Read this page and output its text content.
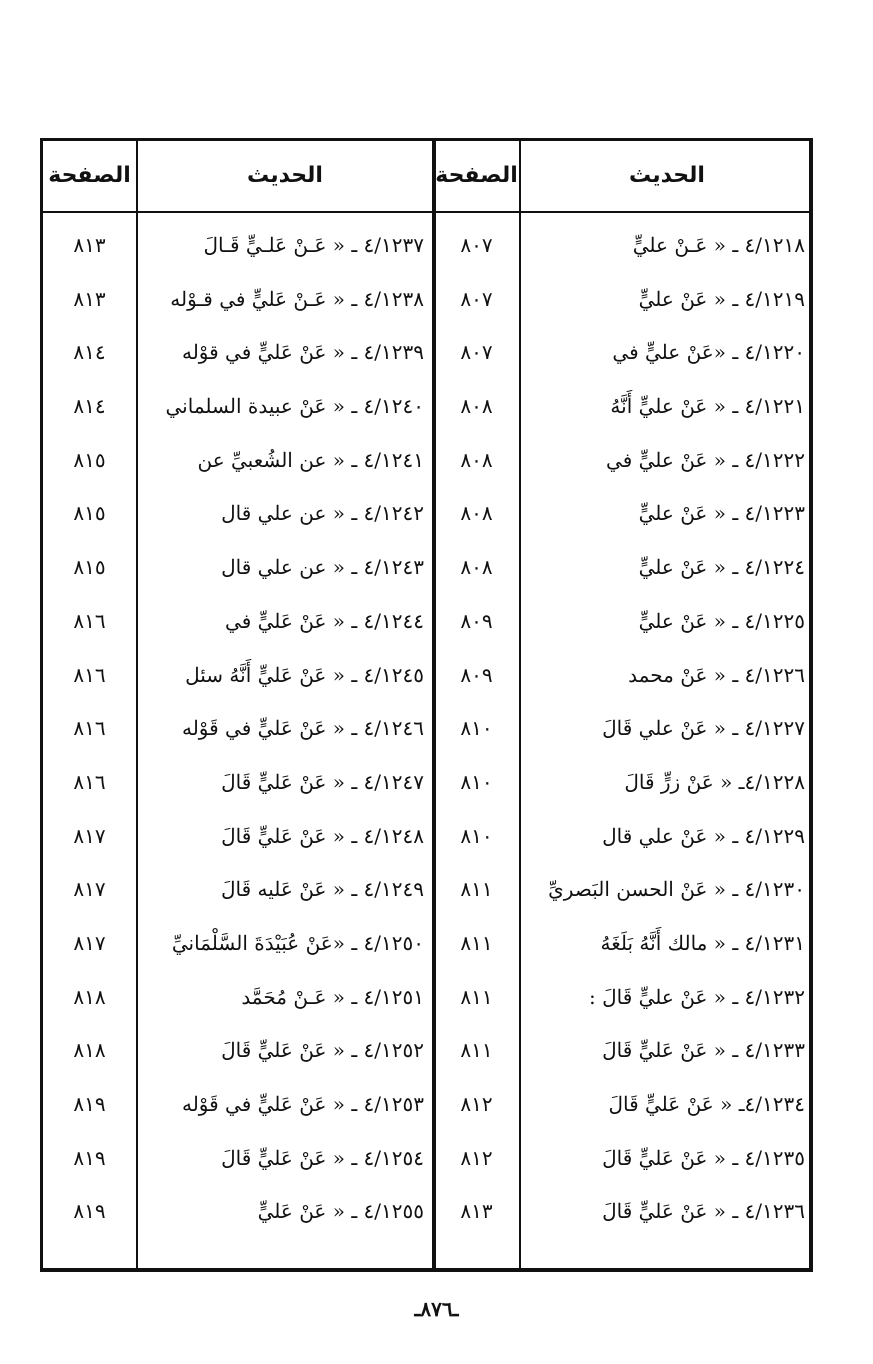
الحديث
الصفحة
الحديث
الصفحة
٤/١٢١٨ ـ « عَـنْ عليٍّ
٤/١٢١٩ ـ « عَنْ عليٍّ
٤/١٢٢٠ ـ «عَنْ عليٍّ في
٤/١٢٢١ ـ « عَنْ عليٍّ أَنَّهُ
٤/١٢٢٢ ـ « عَنْ عليٍّ في
٤/١٢٢٣ ـ « عَنْ عليٍّ
٤/١٢٢٤ ـ « عَنْ عليٍّ
٤/١٢٢٥ ـ « عَنْ عليٍّ
٤/١٢٢٦ ـ « عَنْ محمد
٤/١٢٢٧ ـ « عَنْ علي قَالَ
٤/١٢٢٨ـ « عَنْ زرٍّ قَالَ
٤/١٢٢٩ ـ « عَنْ علي قال
٤/١٢٣٠ ـ « عَنْ الحسن البَصريِّ
٤/١٢٣١ ـ « مالك أَنَّهُ بَلَغَهُ
٤/١٢٣٢ ـ « عَنْ عليٍّ قَالَ :
٤/١٢٣٣ ـ « عَنْ عَليٍّ قَالَ
٤/١٢٣٤ـ « عَنْ عَليٍّ قَالَ
٤/١٢٣٥ ـ « عَنْ عَليٍّ قَالَ
٤/١٢٣٦ ـ « عَنْ عَليٍّ قَالَ
٨٠٧
٨٠٧
٨٠٧
٨٠٨
٨٠٨
٨٠٨
٨٠٨
٨٠٩
٨٠٩
٨١٠
٨١٠
٨١٠
٨١١
٨١١
٨١١
٨١١
٨١٢
٨١٢
٨١٣
٤/١٢٣٧ ـ « عَـنْ عَلـيٍّ قَـالَ
٤/١٢٣٨ ـ « عَـنْ عَليٍّ في قـوْله
٤/١٢٣٩ ـ « عَنْ عَليٍّ في قوْله
٤/١٢٤٠ ـ « عَنْ عبيدة السلماني
٤/١٢٤١ ـ « عن الشُعبيِّ عن
٤/١٢٤٢ ـ « عن علي قال
٤/١٢٤٣ ـ « عن علي قال
٤/١٢٤٤ ـ « عَنْ عَليٍّ في
٤/١٢٤٥ ـ « عَنْ عَليٍّ أَنَّهُ سئل
٤/١٢٤٦ ـ « عَنْ عَليٍّ في قَوْله
٤/١٢٤٧ ـ « عَنْ عَليٍّ قَالَ
٤/١٢٤٨ ـ « عَنْ عَليٍّ قَالَ
٤/١٢٤٩ ـ « عَنْ عَليه قَالَ
٤/١٢٥٠ ـ «عَنْ عُبَيْدَةَ السَّلْمَانيِّ
٤/١٢٥١ ـ « عَـنْ مُحَمَّد
٤/١٢٥٢ ـ « عَنْ عَليٍّ قَالَ
٤/١٢٥٣ ـ « عَنْ عَليٍّ في قَوْله
٤/١٢٥٤ ـ « عَنْ عَليٍّ قَالَ
٤/١٢٥٥ ـ « عَنْ عَليٍّ
٨١٣
٨١٣
٨١٤
٨١٤
٨١٥
٨١٥
٨١٥
٨١٦
٨١٦
٨١٦
٨١٦
٨١٧
٨١٧
٨١٧
٨١٨
٨١٨
٨١٩
٨١٩
٨١٩
ـ٨٧٦ـ
